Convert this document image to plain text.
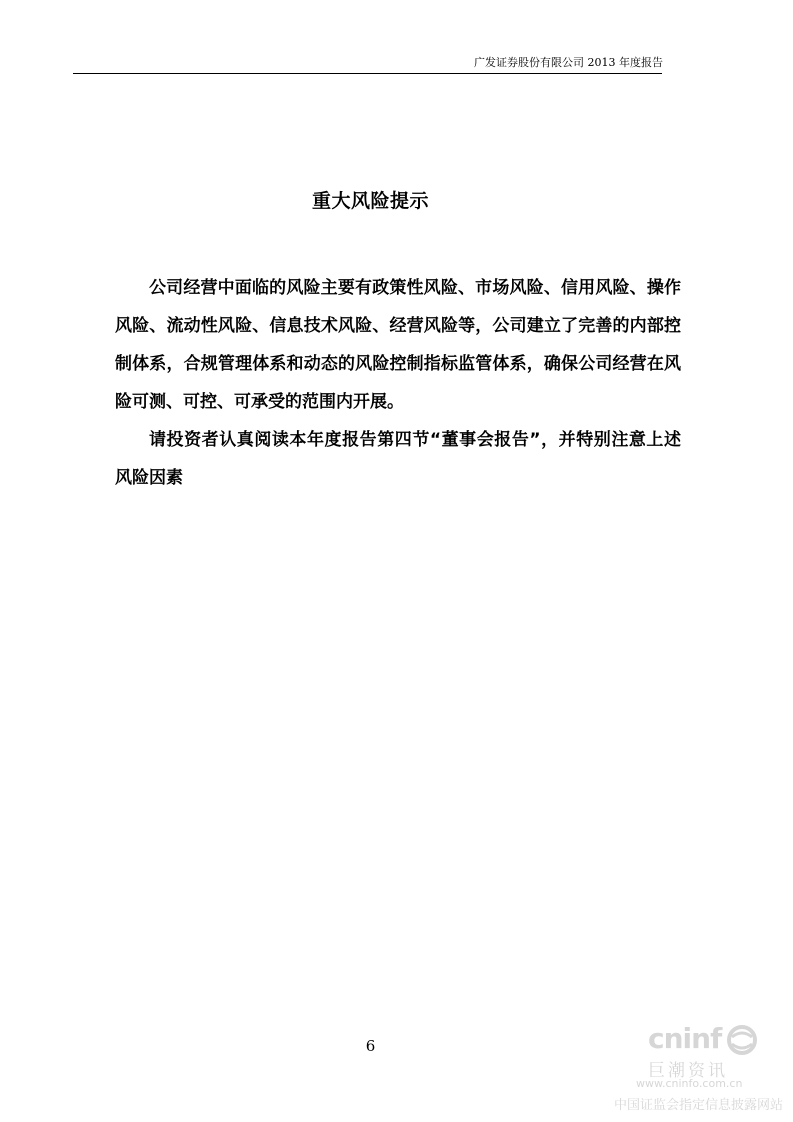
广发证券股份有限公司 2013 年度报告
重大风险提示

公司经营中面临的风险主要有政策性风险、市场风险、信用风险、操作风险、流动性风险、信息技术风险、经营风险等，公司建立了完善的内部控制体系，合规管理体系和动态的风险控制指标监管体系，确保公司经营在风险可测、可控、可承受的范围内开展。

请投资者认真阅读本年度报告第四节“董事会报告”，并特别注意上述风险因素

6	cninf
巨潮资讯
www.cninfo.com.cn
中国证监会指定信息披露网站
